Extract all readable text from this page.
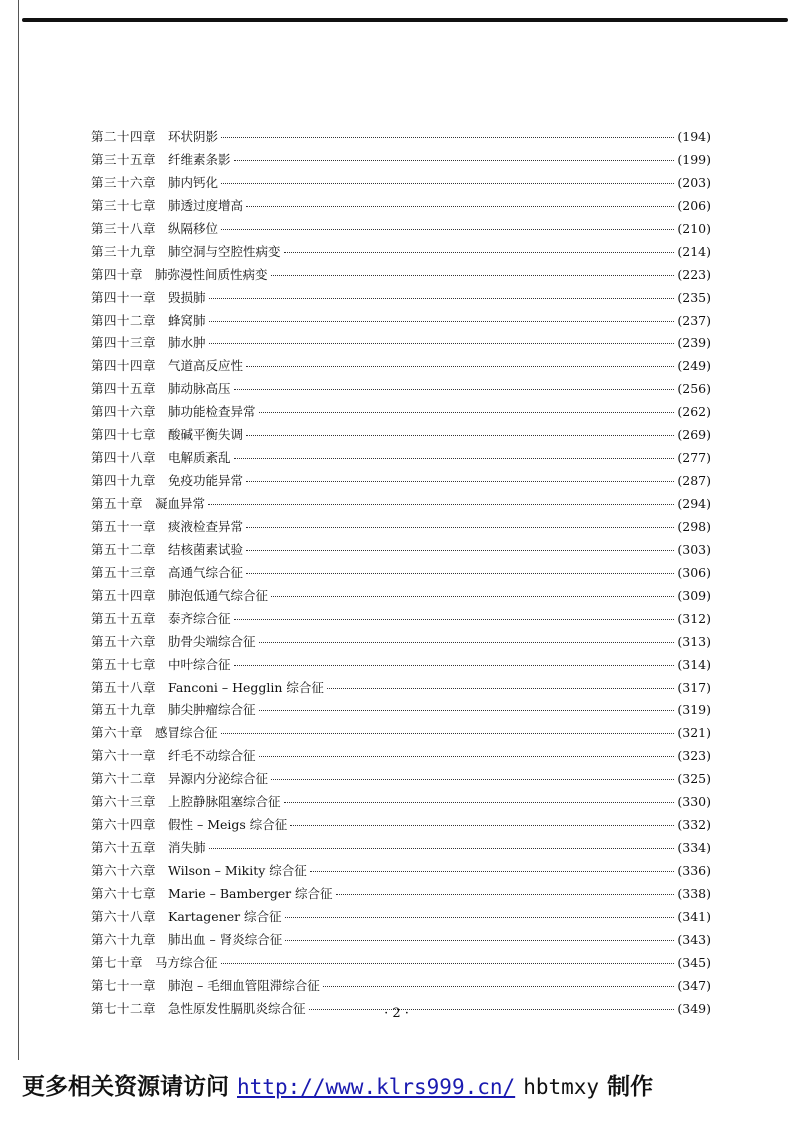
第二十四章 环状阴影	(194)
第三十五章 纤维素条影	(199)
第三十六章 肺内钙化	(203)
第三十七章 肺透过度增高	(206)
第三十八章 纵隔移位	(210)
第三十九章 肺空洞与空腔性病变	(214)
第四十章 肺弥漫性间质性病变	(223)
第四十一章 毁损肺	(235)
第四十二章 蜂窝肺	(237)
第四十三章 肺水肿	(239)
第四十四章 气道高反应性	(249)
第四十五章 肺动脉高压	(256)
第四十六章 肺功能检查异常	(262)
第四十七章 酸碱平衡失调	(269)
第四十八章 电解质紊乱	(277)
第四十九章 免疫功能异常	(287)
第五十章 凝血异常	(294)
第五十一章 痰液检查异常	(298)
第五十二章 结核菌素试验	(303)
第五十三章 高通气综合征	(306)
第五十四章 肺泡低通气综合征	(309)
第五十五章 泰齐综合征	(312)
第五十六章 肋骨尖端综合征	(313)
第五十七章 中叶综合征	(314)
第五十八章 Fanconi – Hegglin 综合征	(317)
第五十九章 肺尖肿瘤综合征	(319)
第六十章 感冒综合征	(321)
第六十一章 纤毛不动综合征	(323)
第六十二章 异源内分泌综合征	(325)
第六十三章 上腔静脉阻塞综合征	(330)
第六十四章 假性 – Meigs 综合征	(332)
第六十五章 消失肺	(334)
第六十六章 Wilson – Mikity 综合征	(336)
第六十七章 Marie – Bamberger 综合征	(338)
第六十八章 Kartagener 综合征	(341)
第六十九章 肺出血 – 肾炎综合征	(343)
第七十章 马方综合征	(345)
第七十一章 肺泡 – 毛细血管阻滞综合征	(347)
第七十二章 急性原发性膈肌炎综合征	(349)
· 2 ·
更多相关资源请访问 http://www.klrs999.cn/ hbtmxy 制作
